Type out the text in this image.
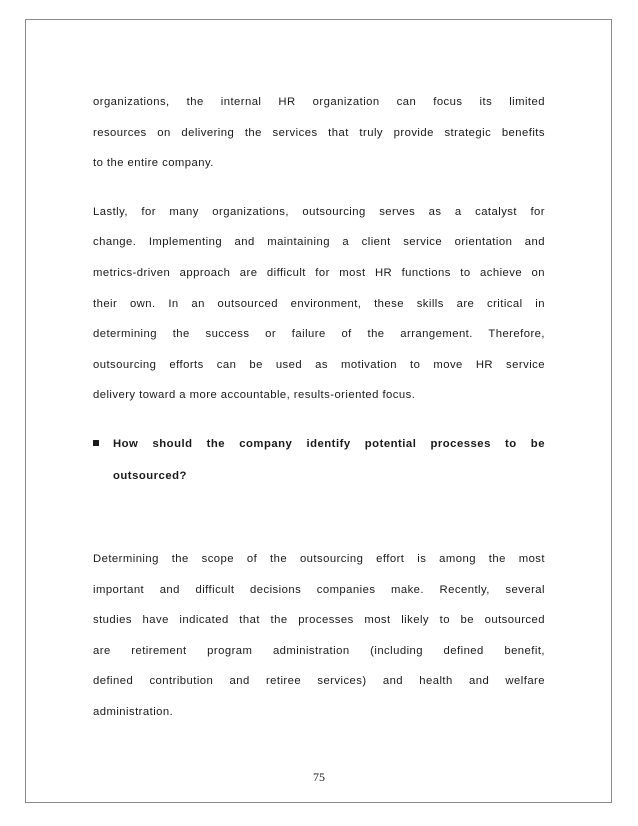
organizations, the internal HR organization can focus its limited

resources on delivering the services that truly provide strategic benefits

to the entire company.

Lastly, for many organizations, outsourcing serves as a catalyst for

change. Implementing and maintaining a client service orientation and

metrics-driven approach are difficult for most HR functions to achieve on

their own. In an outsourced environment, these skills are critical in

determining the success or failure of the arrangement. Therefore,

outsourcing efforts can be used as motivation to move HR service

delivery toward a more accountable, results-oriented focus.

How should the company identify potential processes to be

outsourced?

Determining the scope of the outsourcing effort is among the most

important and difficult decisions companies make. Recently, several

studies have indicated that the processes most likely to be outsourced

are retirement program administration (including defined benefit,

defined contribution and retiree services) and health and welfare

administration.

75
